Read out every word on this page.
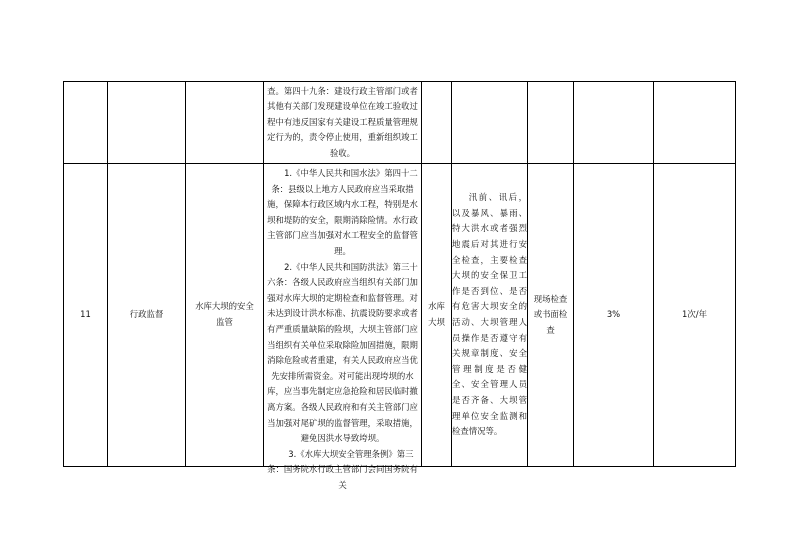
			查。第四十九条：建设行政主管部门或者其他有关部门发现建设单位在竣工验收过程中有违反国家有关建设工程质量管理规定行为的，责令停止使用，重新组织竣工验收。						

11	行政监督	水库大坝的安全监管	1.《中华人民共和国水法》第四十二条：县级以上地方人民政府应当采取措施，保障本行政区域内水工程，特别是水坝和堤防的安全，限期消除险情。水行政主管部门应当加强对水工程安全的监督管理。

2.《中华人民共和国防洪法》第三十六条：各级人民政府应当组织有关部门加强对水库大坝的定期检查和监督管理。对未达到设计洪水标准、抗震设防要求或者有严重质量缺陷的险坝，大坝主管部门应当组织有关单位采取除险加固措施，限期消除危险或者重建，有关人民政府应当优先安排所需资金。对可能出现垮坝的水库，应当事先制定应急抢险和居民临时撤离方案。各级人民政府和有关主管部门应当加强对尾矿坝的监督管理，采取措施，避免因洪水导致垮坝。

3.《水库大坝安全管理条例》第三条：国务院水行政主管部门会同国务院有关	水库大坝	汛前、讯后，以及暴风、暴雨、特大洪水或者强烈地震后对其进行安全检查，主要检查大坝的安全保卫工作是否到位、是否有危害大坝安全的活动、大坝管理人员操作是否遵守有关规章制度、安全管理制度是否健全、安全管理人员是否齐备、大坝管理单位安全监测和检查情况等。	现场检查或书面检查	3%	1次/年	
